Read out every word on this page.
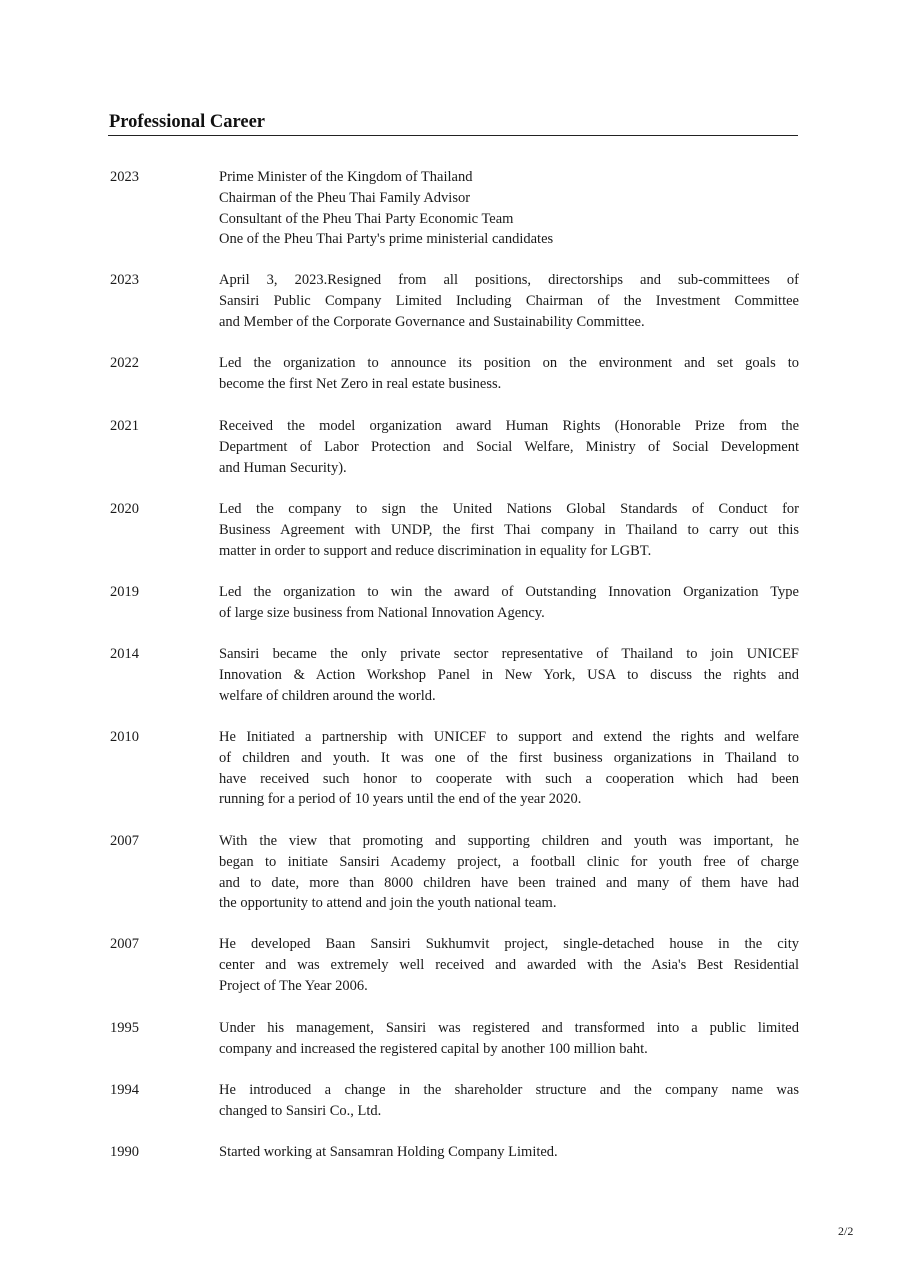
Professional Career
2023	Prime Minister of the Kingdom of Thailand
Chairman of the Pheu Thai Family Advisor
Consultant of the Pheu Thai Party Economic Team
One of the Pheu Thai Party's prime ministerial candidates
2023	April 3, 2023.Resigned from all positions, directorships and sub-committees of
Sansiri Public Company Limited Including Chairman of the Investment Committee
and Member of the Corporate Governance and Sustainability Committee.
2022	Led the organization to announce its position on the environment and set goals to
become the first Net Zero in real estate business.
2021	Received the model organization award Human Rights (Honorable Prize from the
Department of Labor Protection and Social Welfare, Ministry of Social Development
and Human Security).
2020	Led the company to sign the United Nations Global Standards of Conduct for
Business Agreement with UNDP, the first Thai company in Thailand to carry out this
matter in order to support and reduce discrimination in equality for LGBT.
2019	Led the organization to win the award of Outstanding Innovation Organization Type
of large size business from National Innovation Agency.
2014	Sansiri became the only private sector representative of Thailand to join UNICEF
Innovation & Action Workshop Panel in New York, USA to discuss the rights and
welfare of children around the world.
2010	He Initiated a partnership with UNICEF to support and extend the rights and welfare
of children and youth. It was one of the first business organizations in Thailand to
have received such honor to cooperate with such a cooperation which had been
running for a period of 10 years until the end of the year 2020.
2007	With the view that promoting and supporting children and youth was important, he
began to initiate Sansiri Academy project, a football clinic for youth free of charge
and to date, more than 8000 children have been trained and many of them have had
the opportunity to attend and join the youth national team.
2007	He developed Baan Sansiri Sukhumvit project, single-detached house in the city
center and was extremely well received and awarded with the Asia's Best Residential
Project of The Year 2006.
1995	Under his management, Sansiri was registered and transformed into a public limited
company and increased the registered capital by another 100 million baht.
1994	He introduced a change in the shareholder structure and the company name was
changed to Sansiri Co., Ltd.
1990	Started working at Sansamran Holding Company Limited.
2/2
